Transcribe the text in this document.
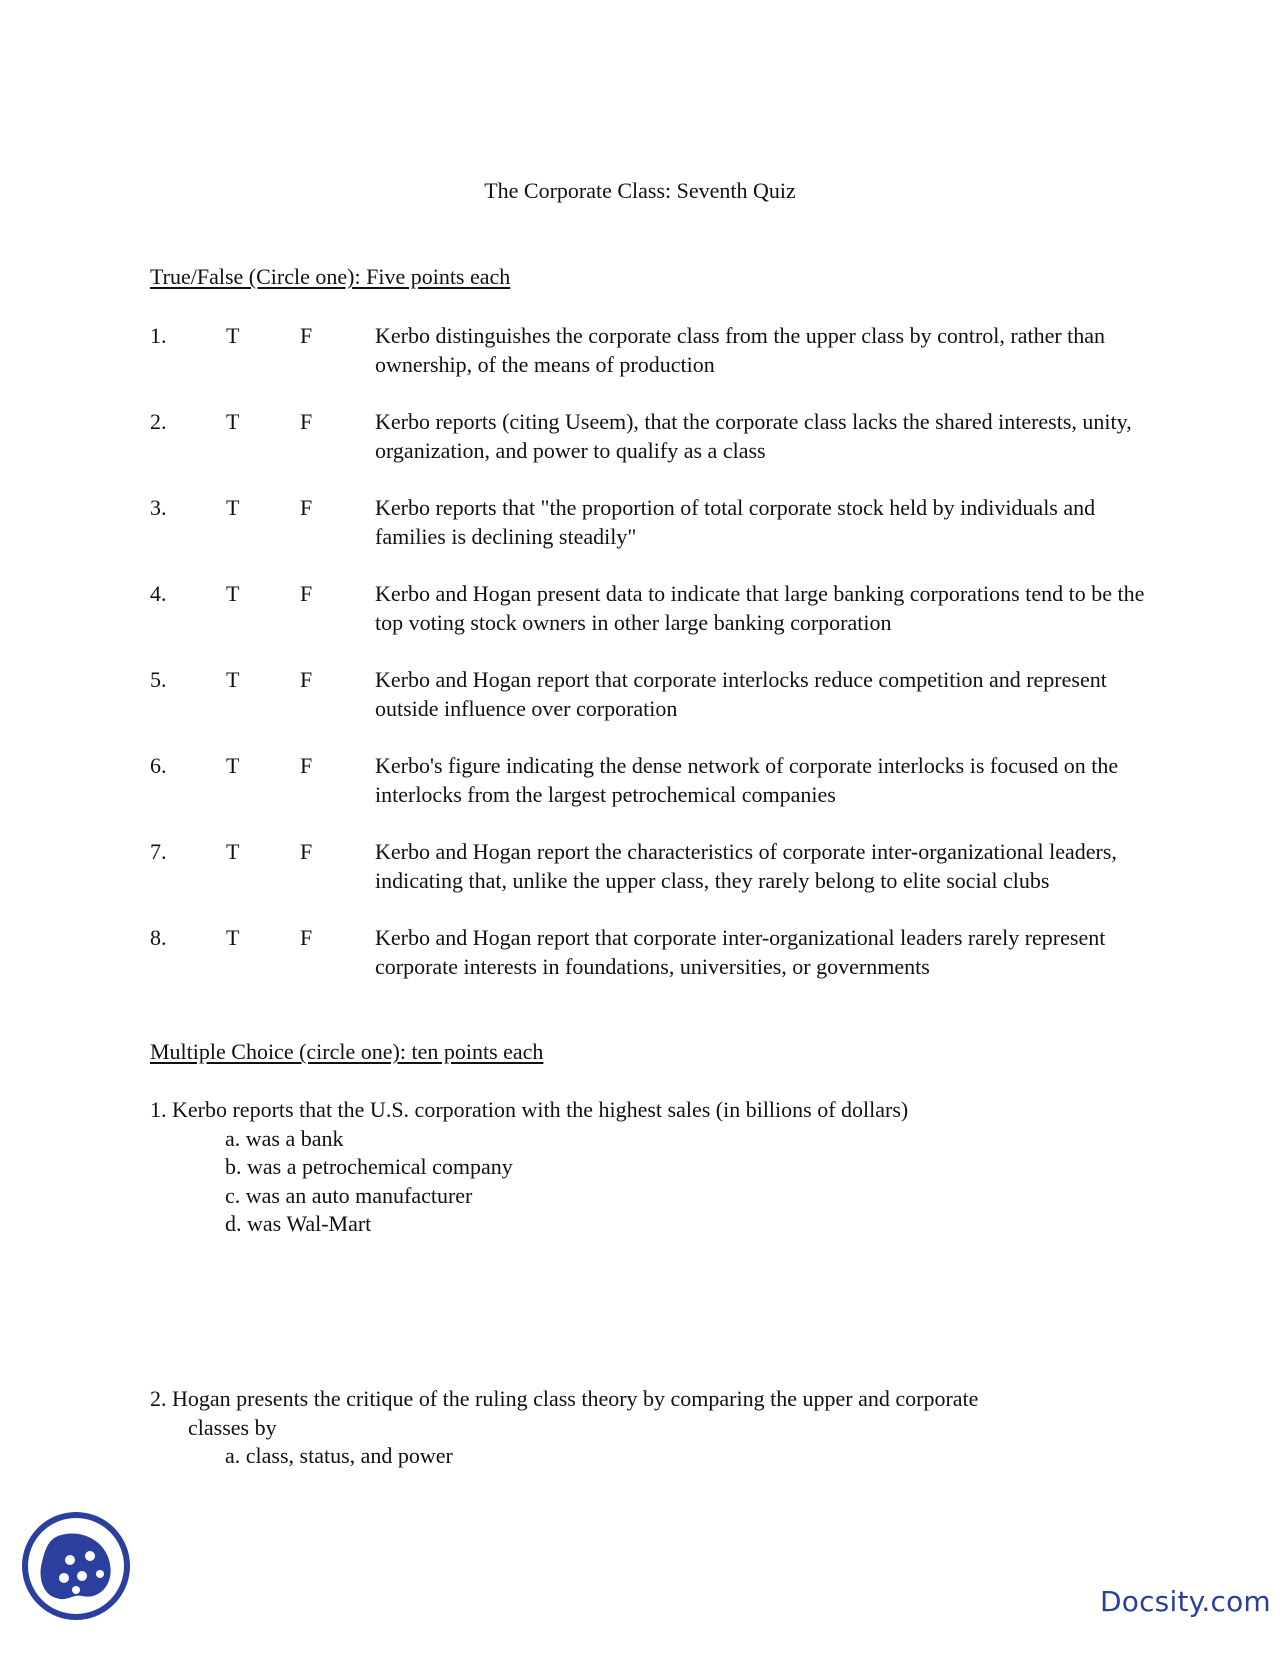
The Corporate Class: Seventh Quiz
True/False (Circle one): Five points each
1.	T	F	Kerbo distinguishes the corporate class from the upper class by control, rather than ownership, of the means of production
2.	T	F	Kerbo reports (citing Useem), that the corporate class lacks the shared interests, unity, organization, and power to qualify as a class
3.	T	F	Kerbo reports that "the proportion of total corporate stock held by individuals and families is declining steadily"
4.	T	F	Kerbo and Hogan present data to indicate that large banking corporations tend to be the top voting stock owners in other large banking corporation
5.	T	F	Kerbo and Hogan report that corporate interlocks reduce competition and represent outside influence over corporation
6.	T	F	Kerbo's figure indicating the dense network of corporate interlocks is focused on the interlocks from the largest petrochemical companies
7.	T	F	Kerbo and Hogan report the characteristics of corporate inter-organizational leaders, indicating that, unlike the upper class, they rarely belong to elite social clubs
8.	T	F	Kerbo and Hogan report that corporate inter-organizational leaders rarely represent corporate interests in foundations, universities, or governments
Multiple Choice (circle one): ten points each
1. Kerbo reports that the U.S. corporation with the highest sales (in billions of dollars)
a. was a bank
b. was a petrochemical company
c. was an auto manufacturer
d. was Wal-Mart
2. Hogan presents the critique of the ruling class theory by comparing the upper and corporate
classes by
a. class, status, and power
Docsity.com
